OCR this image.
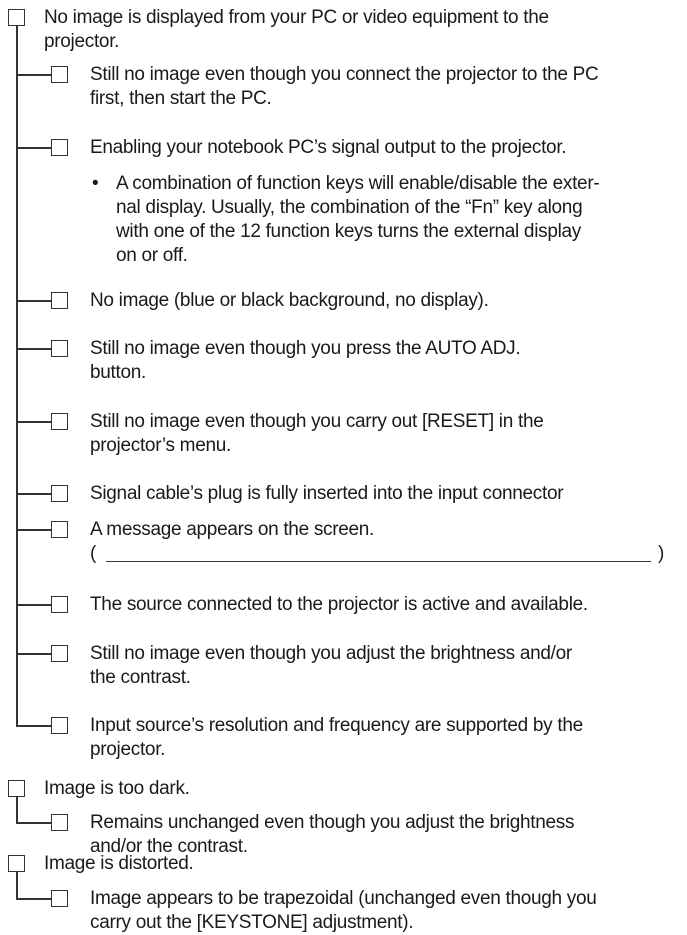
No image is displayed from your PC or video equipment to the
projector.
Still no image even though you connect the projector to the PC
first, then start the PC.
Enabling your notebook PC’s signal output to the projector.
• A combination of function keys will enable/disable the exter-
nal display. Usually, the combination of the “Fn” key along
with one of the 12 function keys turns the external display
on or off.
No image (blue or black background, no display).
Still no image even though you press the AUTO ADJ.
button.
Still no image even though you carry out [RESET] in the
projector’s menu.
Signal cable’s plug is fully inserted into the input connector
A message appears on the screen.
(	)
The source connected to the projector is active and available.
Still no image even though you adjust the brightness and/or
the contrast.
Input source’s resolution and frequency are supported by the
projector.
Image is too dark.
Remains unchanged even though you adjust the brightness
and/or the contrast.
Image is distorted.
Image appears to be trapezoidal (unchanged even though you
carry out the [KEYSTONE] adjustment).
